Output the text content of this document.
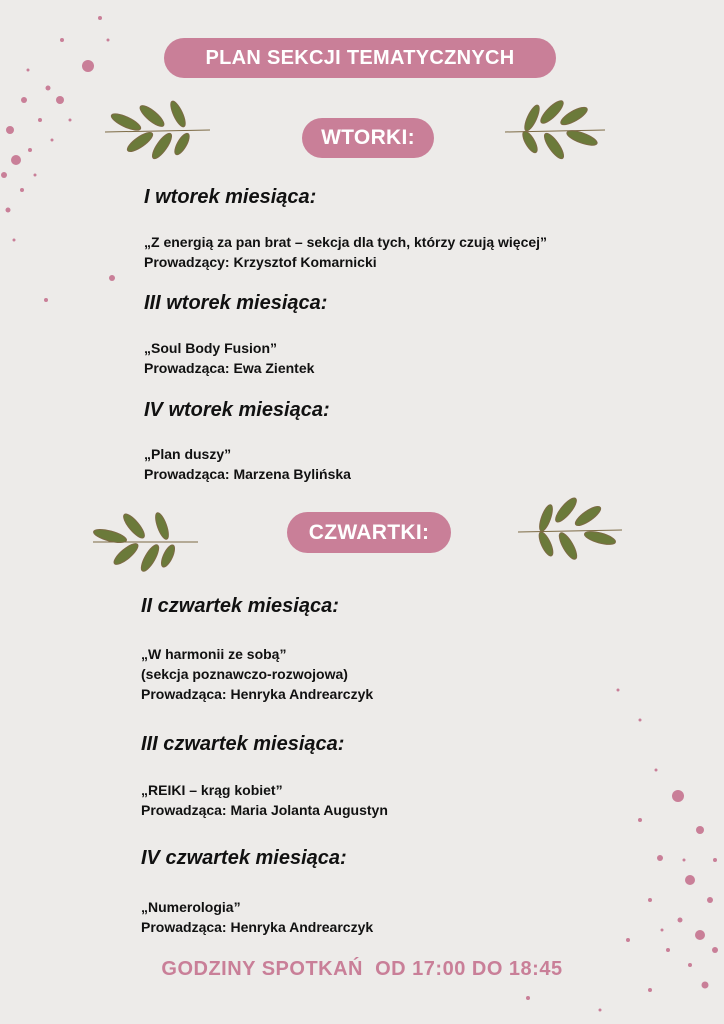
PLAN SEKCJI TEMATYCZNYCH
WTORKI:
I wtorek miesiąca:
„Z energią za pan brat – sekcja dla tych, którzy czują więcej”
Prowadzący: Krzysztof Komarnicki
III wtorek miesiąca:
„Soul Body Fusion”
Prowadząca: Ewa Zientek
IV wtorek miesiąca:
„Plan duszy”
Prowadząca: Marzena Bylińska
CZWARTKI:
II czwartek miesiąca:
„W harmonii ze sobą”
(sekcja poznawczo-rozwojowa)
Prowadząca: Henryka Andrearczyk
III czwartek miesiąca:
„REIKI – krąg kobiet”
Prowadząca: Maria Jolanta Augustyn
IV czwartek miesiąca:
„Numerologia”
Prowadząca: Henryka Andrearczyk
GODZINY SPOTKAŃ  OD 17:00 DO 18:45
